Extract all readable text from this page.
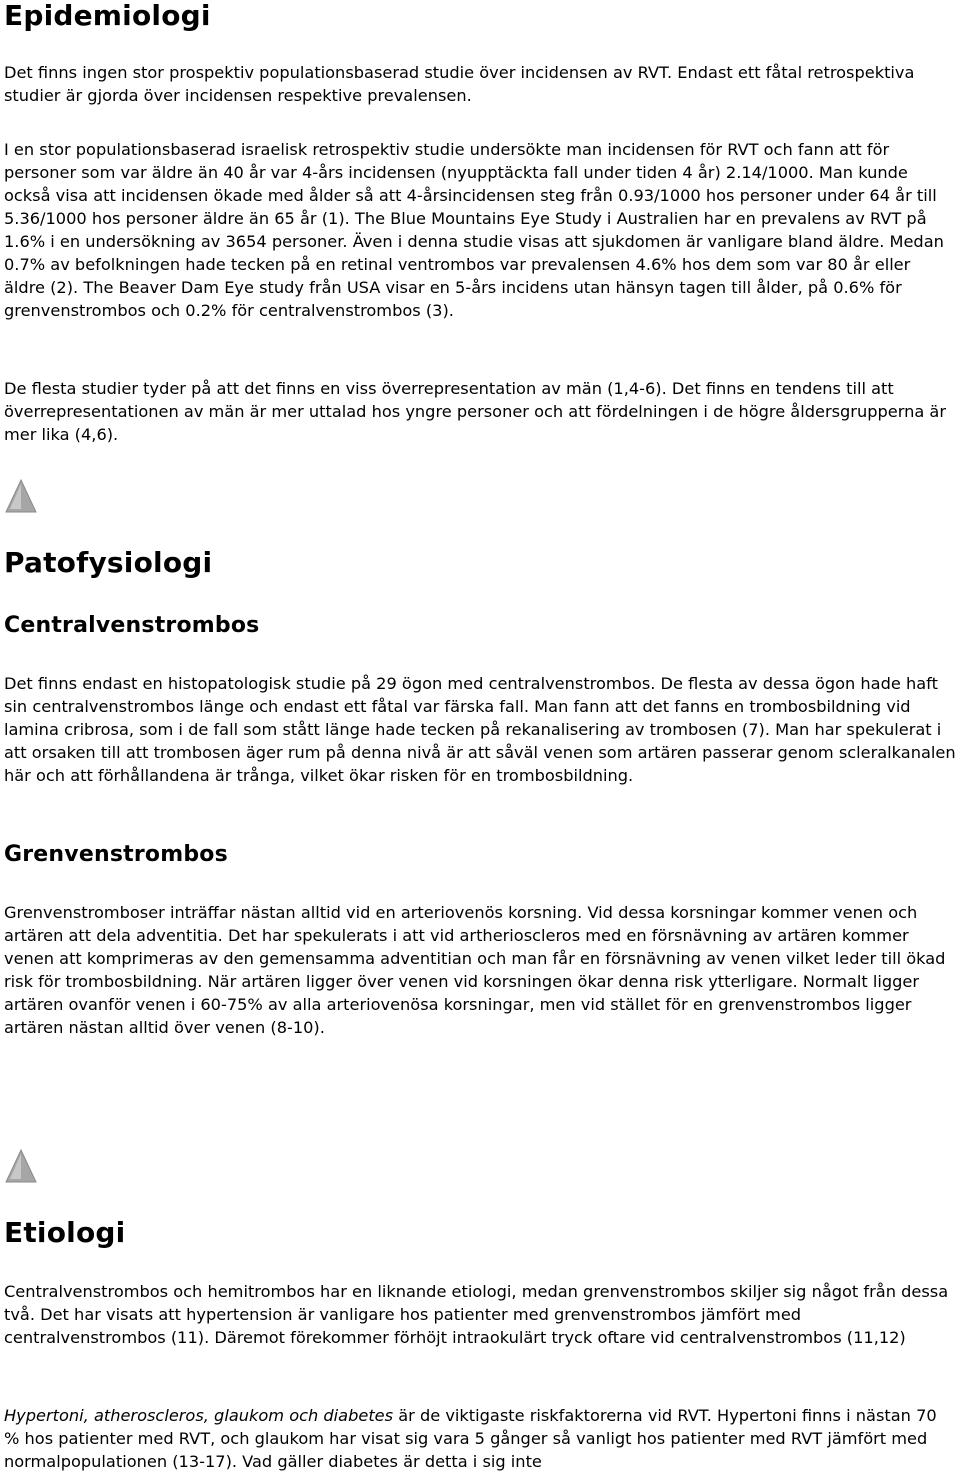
Epidemiologi

Det finns ingen stor prospektiv populationsbaserad studie över incidensen av RVT. Endast ett fåtal retrospektiva studier är gjorda över incidensen respektive prevalensen.

I en stor populationsbaserad israelisk retrospektiv studie undersökte man incidensen för RVT och fann att för personer som var äldre än 40 år var 4-års incidensen (nyupptäckta fall under tiden 4 år) 2.14/1000. Man kunde också visa att incidensen ökade med ålder så att 4-årsincidensen steg från 0.93/1000 hos personer under 64 år till 5.36/1000 hos personer äldre än 65 år (1). The Blue Mountains Eye Study i Australien har en prevalens av RVT på 1.6% i en undersökning av 3654 personer. Även i denna studie visas att sjukdomen är vanligare bland äldre. Medan 0.7% av befolkningen hade tecken på en retinal ventrombos var prevalensen 4.6% hos dem som var 80 år eller äldre (2). The Beaver Dam Eye study från USA visar en 5-års incidens utan hänsyn tagen till ålder, på 0.6% för grenvenstrombos och 0.2% för centralvenstrombos (3).

De flesta studier tyder på att det finns en viss överrepresentation av män (1,4-6). Det finns en tendens till att överrepresentationen av män är mer uttalad hos yngre personer och att fördelningen i de högre åldersgrupperna är mer lika (4,6).

Patofysiologi
Centralvenstrombos

Det finns endast en histopatologisk studie på 29 ögon med centralvenstrombos. De flesta av dessa ögon hade haft sin centralvenstrombos länge och endast ett fåtal var färska fall. Man fann att det fanns en trombosbildning vid lamina cribrosa, som i de fall som stått länge hade tecken på rekanalisering av trombosen (7). Man har spekulerat i att orsaken till att trombosen äger rum på denna nivå är att såväl venen som artären passerar genom scleralkanalen här och att förhållandena är trånga, vilket ökar risken för en trombosbildning.

Grenvenstrombos

Grenvenstromboser inträffar nästan alltid vid en arteriovenös korsning. Vid dessa korsningar kommer venen och artären att dela adventitia. Det har spekulerats i att vid artherioscleros med en försnävning av artären kommer venen att komprimeras av den gemensamma adventitian och man får en försnävning av venen vilket leder till ökad risk för trombosbildning. När artären ligger över venen vid korsningen ökar denna risk ytterligare. Normalt ligger artären ovanför venen i 60-75% av alla arteriovenösa korsningar, men vid stället för en grenvenstrombos ligger artären nästan alltid över venen (8-10).

Etiologi

Centralvenstrombos och hemitrombos har en liknande etiologi, medan grenvenstrombos skiljer sig något från dessa två. Det har visats att hypertension är vanligare hos patienter med grenvenstrombos jämfört med centralvenstrombos (11). Däremot förekommer förhöjt intraokulärt tryck oftare vid centralvenstrombos (11,12)

Hypertoni, atheroscleros, glaukom och diabetes är de viktigaste riskfaktorerna vid RVT. Hypertoni finns i nästan 70 % hos patienter med RVT, och glaukom har visat sig vara 5 gånger så vanligt hos patienter med RVT jämfört med normalpopulationen (13-17). Vad gäller diabetes är detta i sig inte
